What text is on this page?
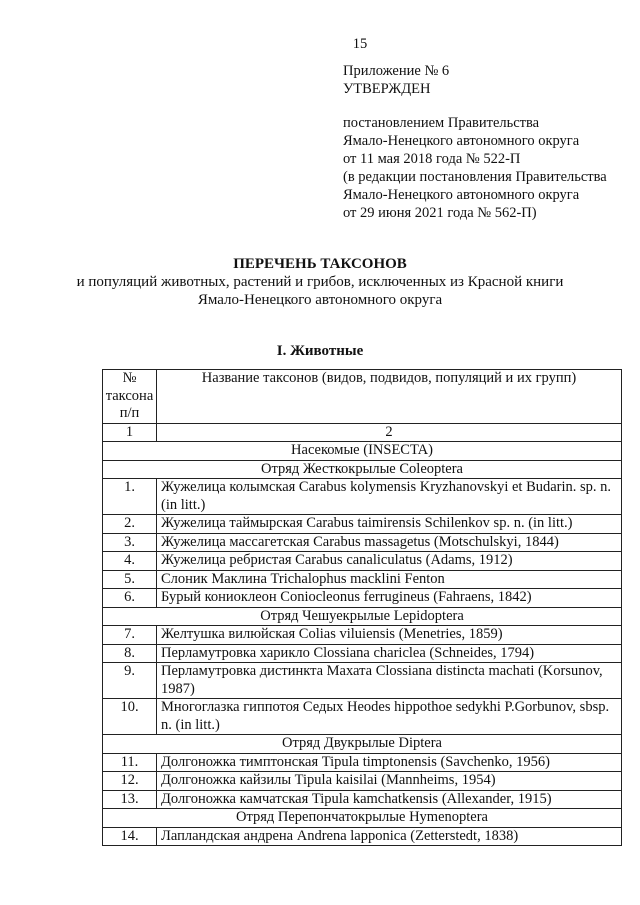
15
Приложение № 6
УТВЕРЖДЕН
постановлением Правительства
Ямало-Ненецкого автономного округа
от 11 мая 2018 года № 522-П
(в редакции постановления Правительства
Ямало-Ненецкого автономного округа
от 29 июня 2021 года № 562-П)
ПЕРЕЧЕНЬ ТАКСОНОВ
и популяций животных, растений и грибов, исключенных из Красной книги
Ямало-Ненецкого автономного округа
I. Животные
№
таксона
п/п	Название таксонов (видов, подвидов, популяций и их групп)
1	2
Насекомые (INSECTA)	
Отряд Жесткокрылые Coleoptera	
1.	Жужелица колымская Carabus kolymensis Kryzhanovskyi et Budarin. sp. n. (in litt.)
2.	Жужелица таймырская Carabus taimirensis Schilenkov sp. n. (in litt.)
3.	Жужелица массагетская Carabus massagetus (Motschulskyi, 1844)
4.	Жужелица ребристая Carabus canaliculatus (Adams, 1912)
5.	Слоник Маклина Trichalophus macklini Fenton
6.	Бурый кониоклеон Coniocleonus ferrugineus (Fahraens, 1842)
Отряд Чешуекрылые Lepidoptera	
7.	Желтушка вилюйская Colias viluiensis (Menetries, 1859)
8.	Перламутровка харикло Clossiana chariclea (Schneides, 1794)
9.	Перламутровка дистинкта Махата Clossiana distincta machati (Korsunov, 1987)
10.	Многоглазка гиппотоя Седых Heodes hippothoe sedykhi P.Gorbunov, sbsp. n. (in litt.)
Отряд Двукрылые Diptera	
11.	Долгоножка тимптонская Tipula timptonensis (Savchenko, 1956)
12.	Долгоножка кайзилы Tipula kaisilai (Mannheims, 1954)
13.	Долгоножка камчатская Tipula kamchatkensis (Allexander, 1915)
Отряд Перепончатокрылые Hymenoptera	
14.	Лапландская андрена Andrena lapponica (Zetterstedt, 1838)
